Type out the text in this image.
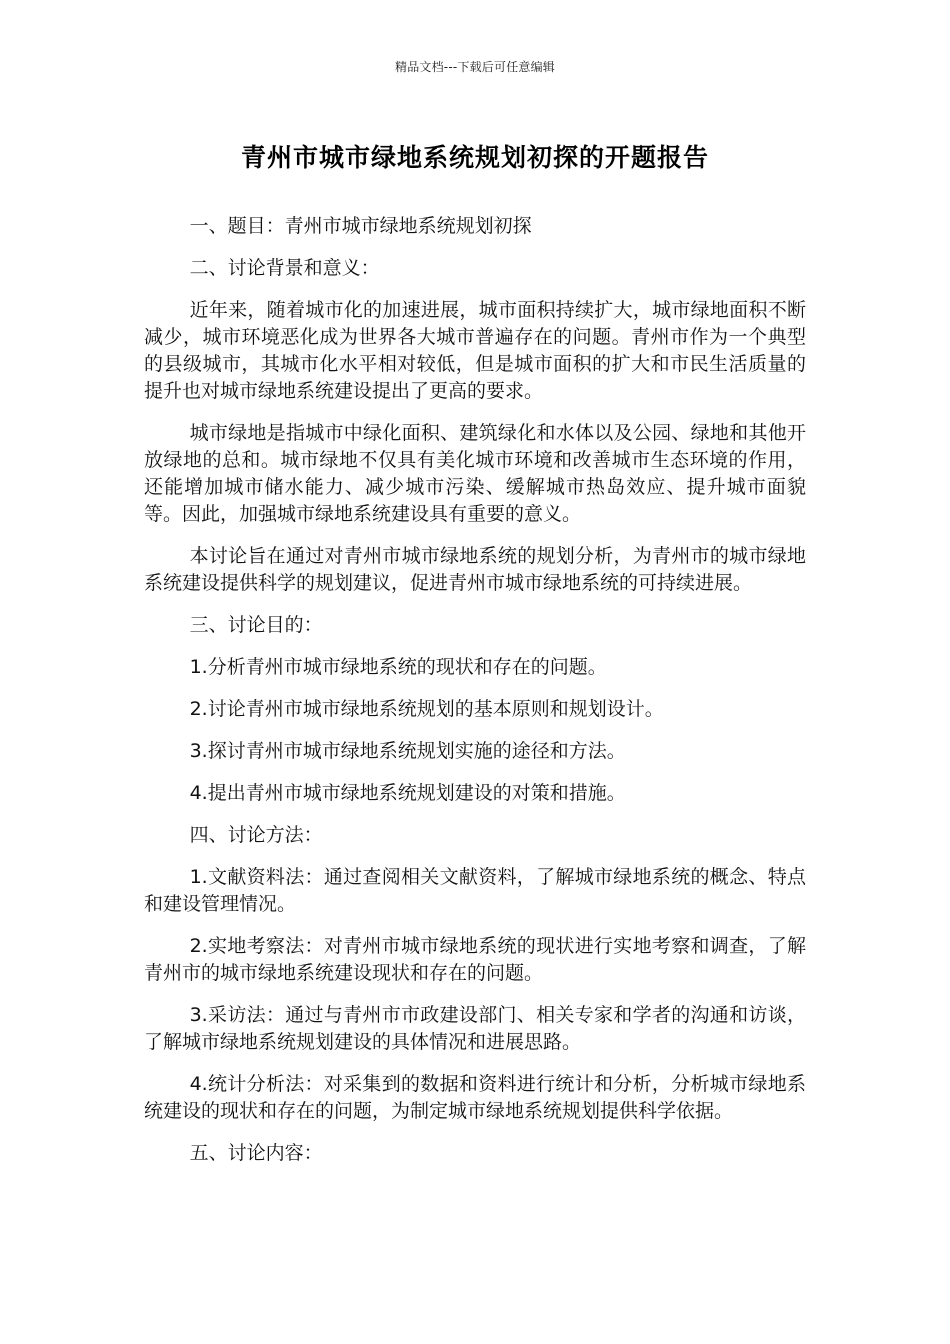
精品文档---下载后可任意编辑
青州市城市绿地系统规划初探的开题报告

一、题目：青州市城市绿地系统规划初探

二、讨论背景和意义：

近年来，随着城市化的加速进展，城市面积持续扩大，城市绿地面积不断减少，城市环境恶化成为世界各大城市普遍存在的问题。青州市作为一个典型的县级城市，其城市化水平相对较低，但是城市面积的扩大和市民生活质量的提升也对城市绿地系统建设提出了更高的要求。

城市绿地是指城市中绿化面积、建筑绿化和水体以及公园、绿地和其他开放绿地的总和。城市绿地不仅具有美化城市环境和改善城市生态环境的作用，还能增加城市储水能力、减少城市污染、缓解城市热岛效应、提升城市面貌等。因此，加强城市绿地系统建设具有重要的意义。

本讨论旨在通过对青州市城市绿地系统的规划分析，为青州市的城市绿地系统建设提供科学的规划建议，促进青州市城市绿地系统的可持续进展。

三、讨论目的：

1.分析青州市城市绿地系统的现状和存在的问题。

2.讨论青州市城市绿地系统规划的基本原则和规划设计。

3.探讨青州市城市绿地系统规划实施的途径和方法。

4.提出青州市城市绿地系统规划建设的对策和措施。

四、讨论方法：

1.文献资料法：通过查阅相关文献资料，了解城市绿地系统的概念、特点和建设管理情况。

2.实地考察法：对青州市城市绿地系统的现状进行实地考察和调查，了解青州市的城市绿地系统建设现状和存在的问题。

3.采访法：通过与青州市市政建设部门、相关专家和学者的沟通和访谈，了解城市绿地系统规划建设的具体情况和进展思路。

4.统计分析法：对采集到的数据和资料进行统计和分析，分析城市绿地系统建设的现状和存在的问题，为制定城市绿地系统规划提供科学依据。

五、讨论内容：
